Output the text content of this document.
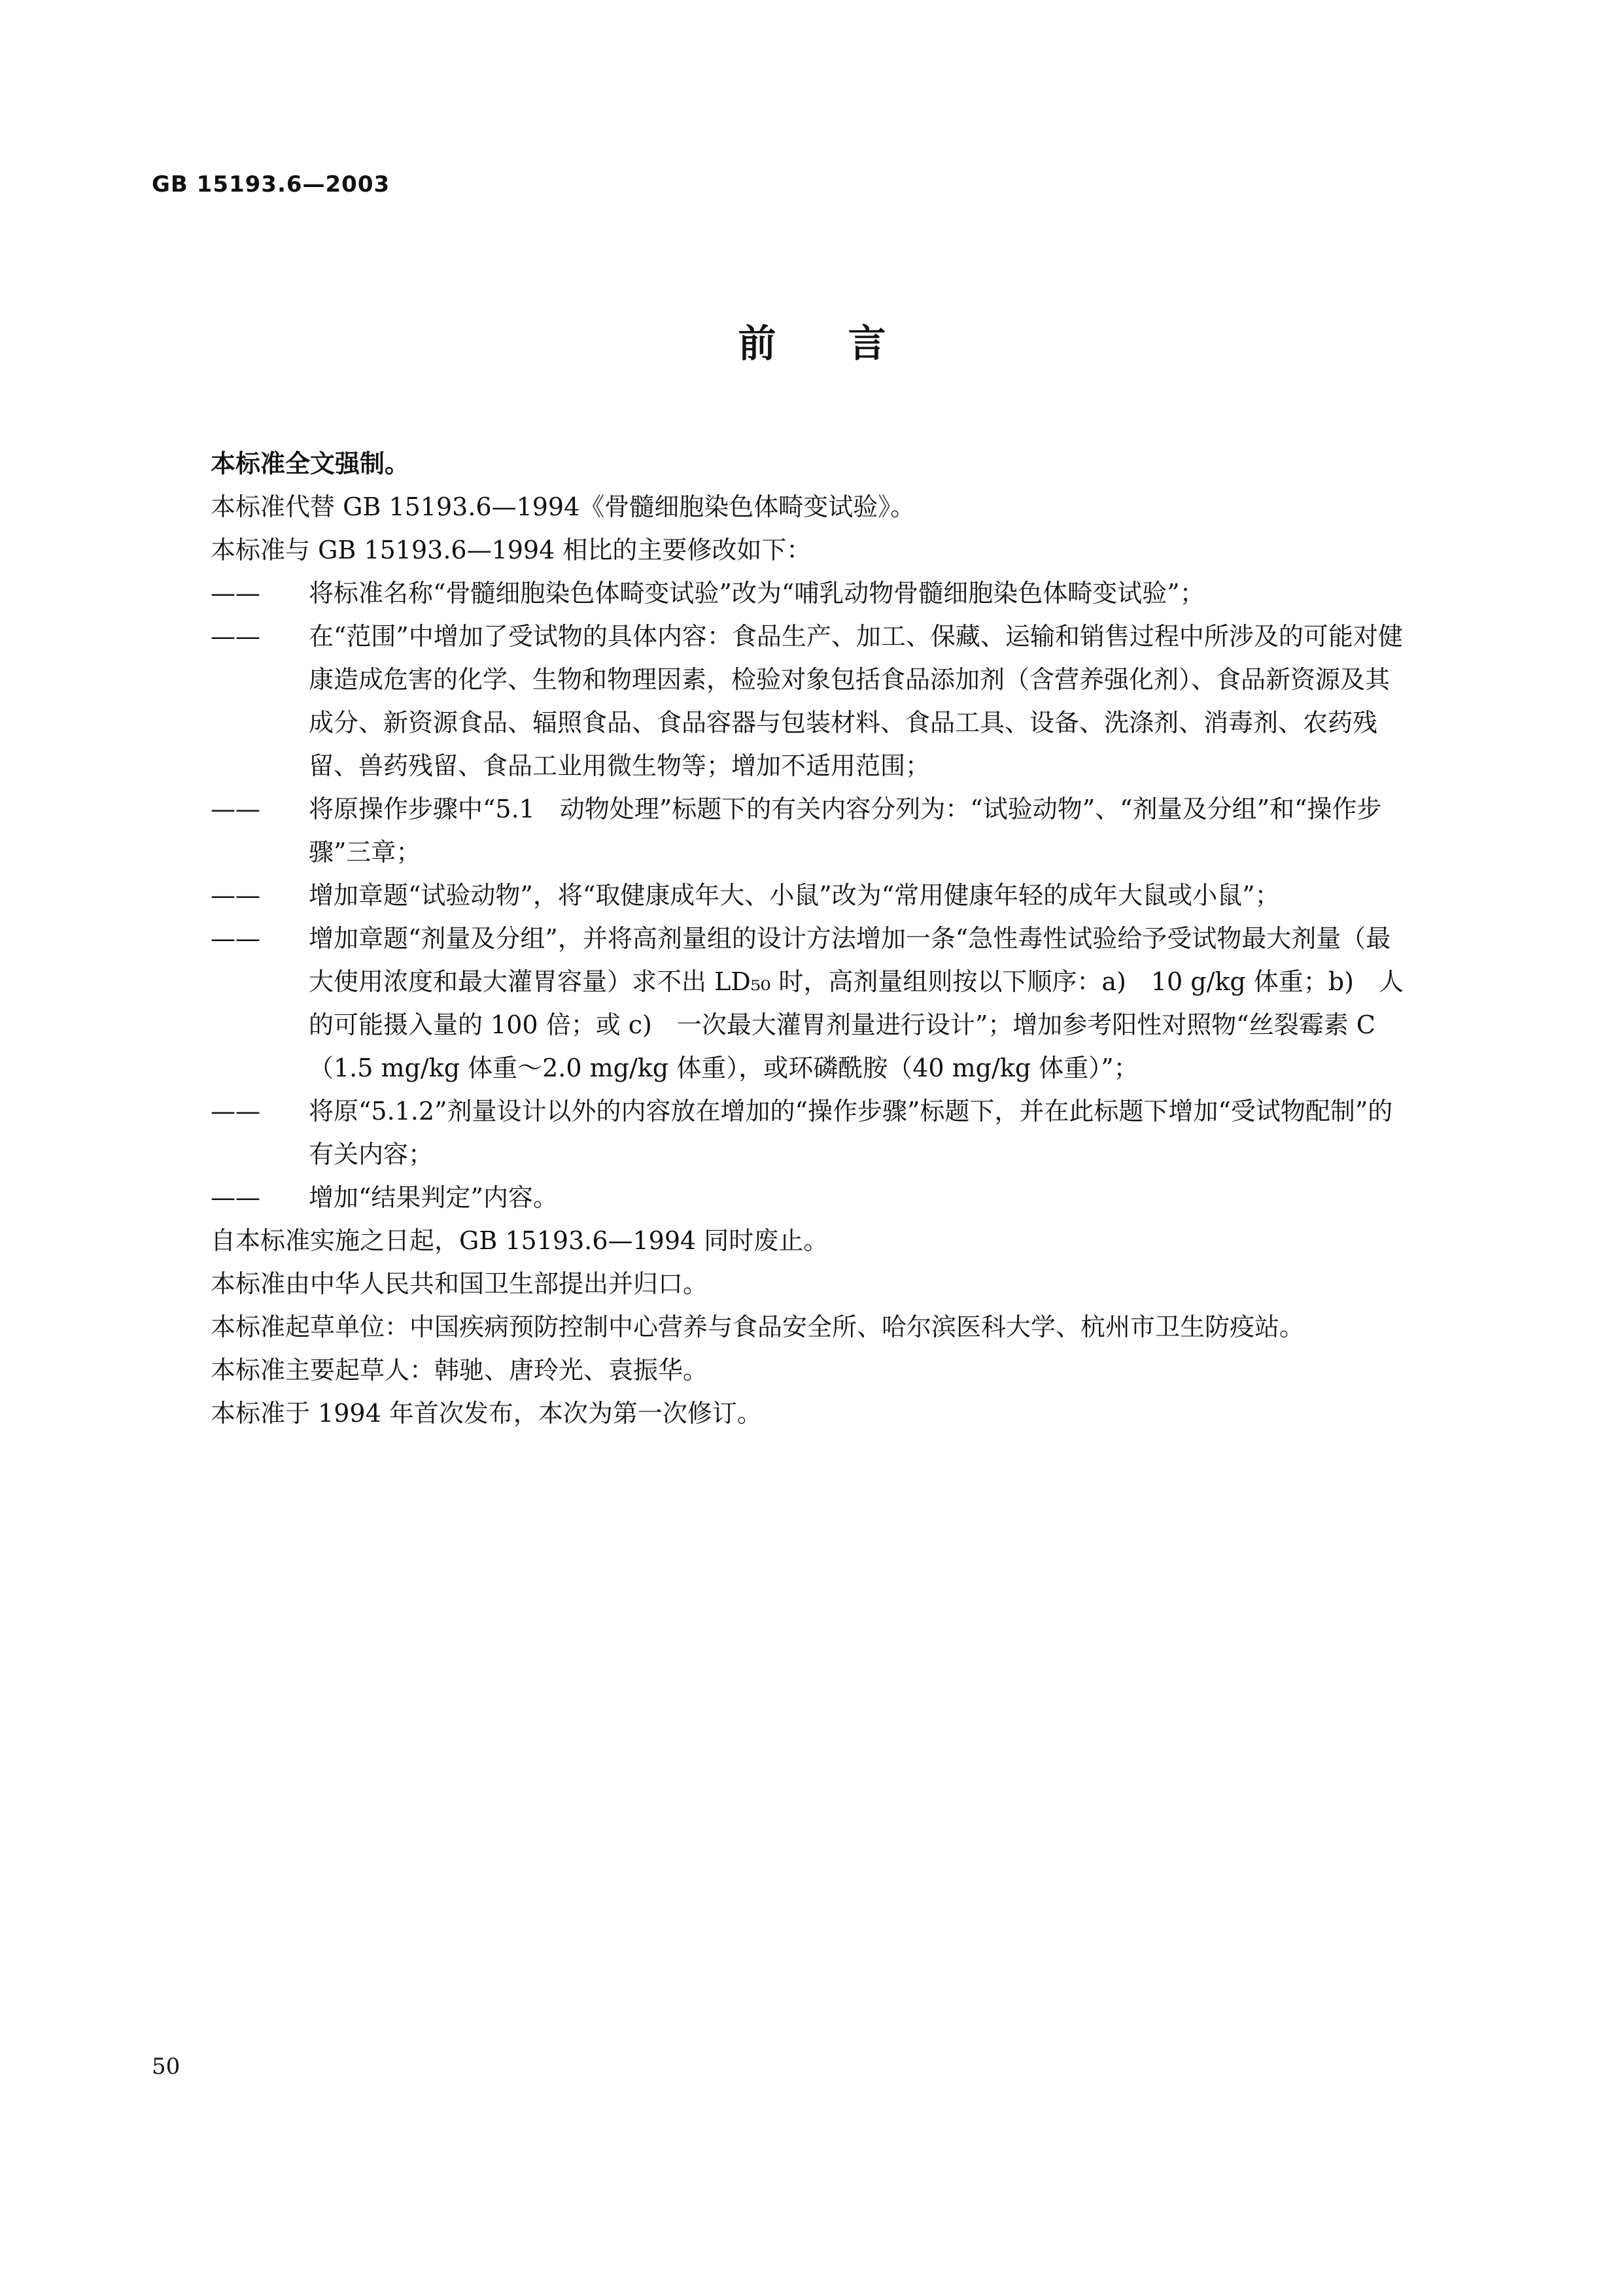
GB 15193.6—2003
前言

本标准全文强制。

本标准代替 GB 15193.6—1994《骨髓细胞染色体畸变试验》。

本标准与 GB 15193.6—1994 相比的主要修改如下：

—— 将标准名称“骨髓细胞染色体畸变试验”改为“哺乳动物骨髓细胞染色体畸变试验”；

—— 在“范围”中增加了受试物的具体内容：食品生产、加工、保藏、运输和销售过程中所涉及的可能对健康造成危害的化学、生物和物理因素，检验对象包括食品添加剂（含营养强化剂）、食品新资源及其成分、新资源食品、辐照食品、食品容器与包装材料、食品工具、设备、洗涤剂、消毒剂、农药残留、兽药残留、食品工业用微生物等；增加不适用范围；

—— 将原操作步骤中“5.1　动物处理”标题下的有关内容分列为：“试验动物”、“剂量及分组”和“操作步骤”三章；

—— 增加章题“试验动物”，将“取健康成年大、小鼠”改为“常用健康年轻的成年大鼠或小鼠”；

—— 增加章题“剂量及分组”，并将高剂量组的设计方法增加一条“急性毒性试验给予受试物最大剂量（最大使用浓度和最大灌胃容量）求不出 LD₅₀ 时，高剂量组则按以下顺序：a)　10 g/kg 体重；b)　人的可能摄入量的 100 倍；或 c)　一次最大灌胃剂量进行设计”；增加参考阳性对照物“丝裂霉素 C（1.5 mg/kg 体重～2.0 mg/kg 体重），或环磷酰胺（40 mg/kg 体重）”；

—— 将原“5.1.2”剂量设计以外的内容放在增加的“操作步骤”标题下，并在此标题下增加“受试物配制”的有关内容；

—— 增加“结果判定”内容。

自本标准实施之日起，GB 15193.6—1994 同时废止。

本标准由中华人民共和国卫生部提出并归口。

本标准起草单位：中国疾病预防控制中心营养与食品安全所、哈尔滨医科大学、杭州市卫生防疫站。

本标准主要起草人：韩驰、唐玲光、袁振华。

本标准于 1994 年首次发布，本次为第一次修订。

50
